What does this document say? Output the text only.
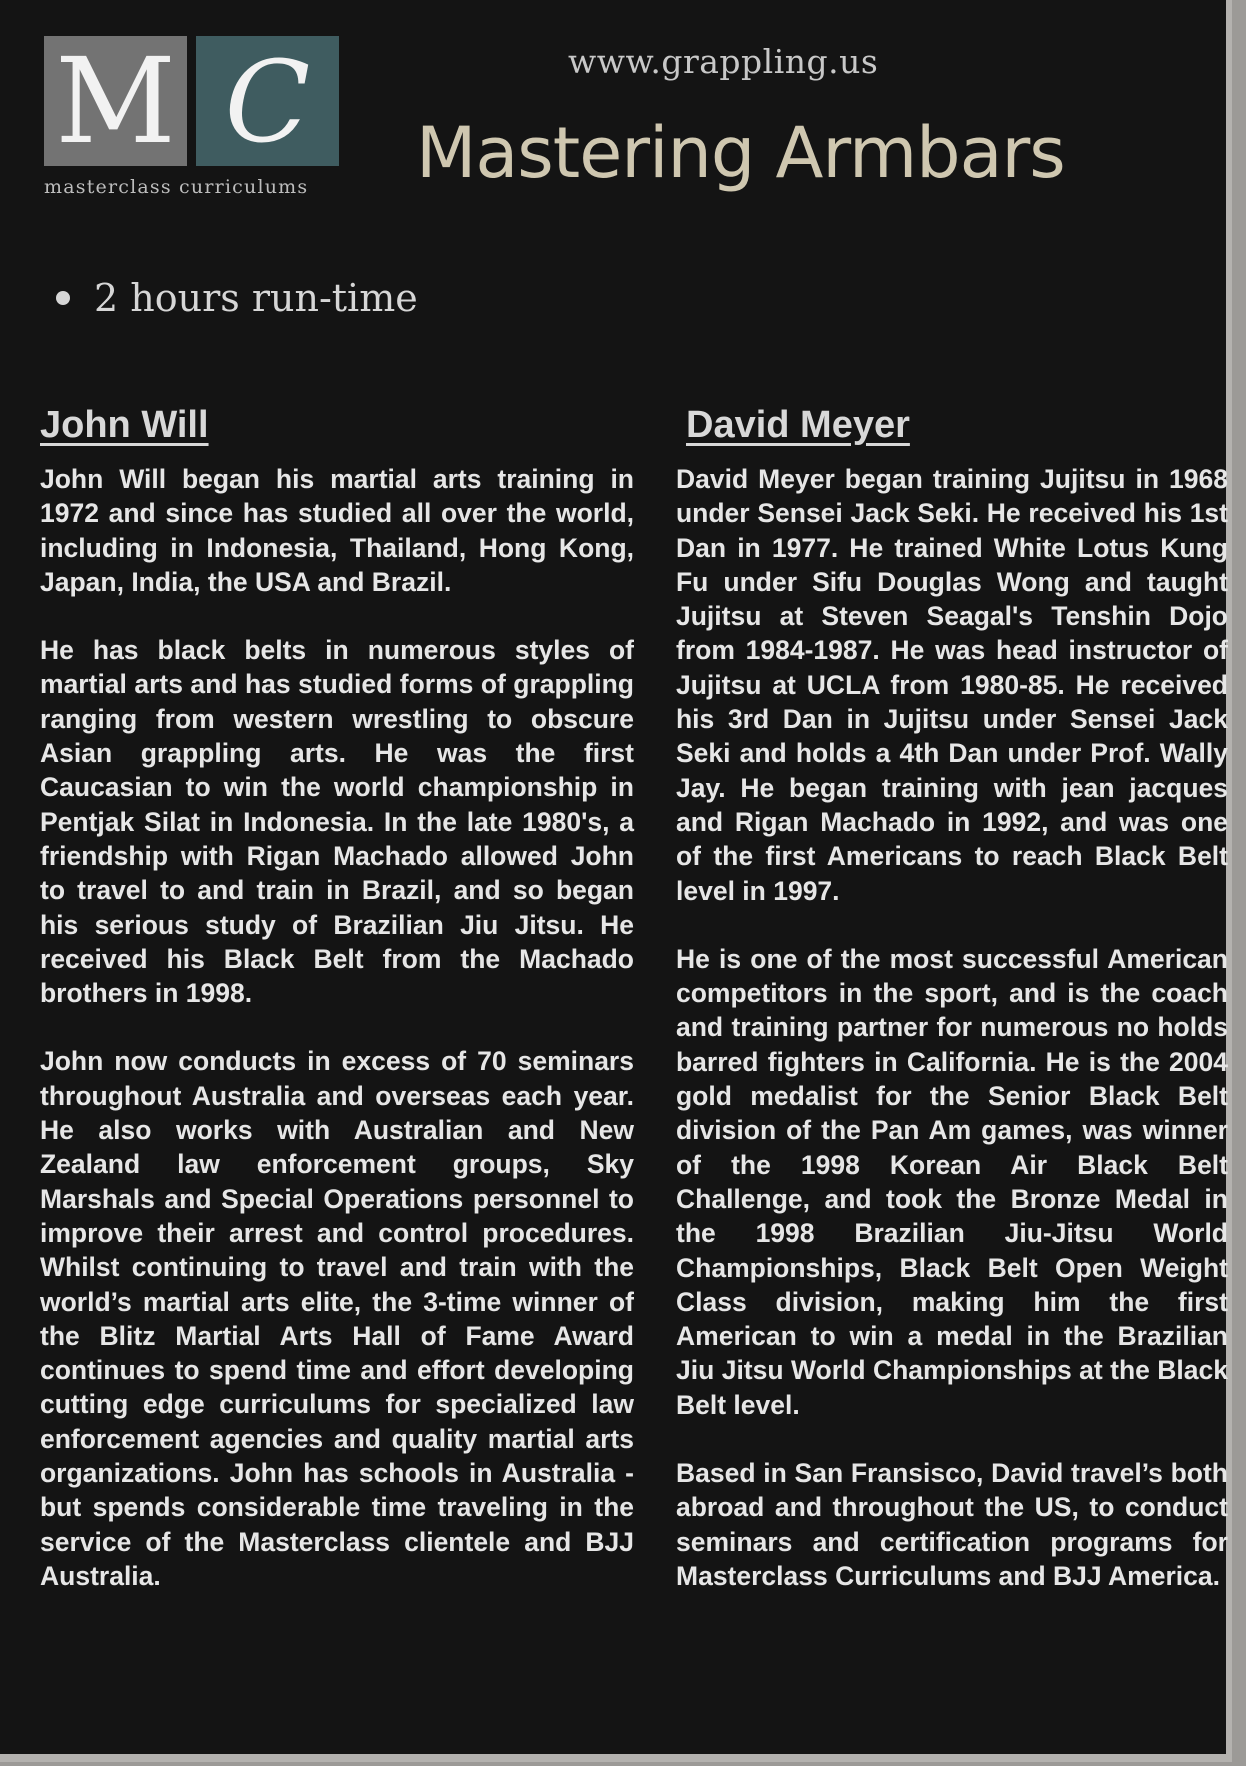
M C
masterclass curriculums
www.grappling.us
Mastering Armbars
2 hours run-time
John Will

John Will began his martial arts training in 1972 and since has studied all over the world, including in Indonesia, Thailand, Hong Kong, Japan, India, the USA and Brazil.

He has black belts in numerous styles of martial arts and has studied forms of grappling ranging from western wrestling to obscure Asian grappling arts. He was the first Caucasian to win the world championship in Pentjak Silat in Indonesia. In the late 1980's, a friendship with Rigan Machado allowed John to travel to and train in Brazil, and so began his serious study of Brazilian Jiu Jitsu. He received his Black Belt from the Machado brothers in 1998.

John now conducts in excess of 70 seminars throughout Australia and overseas each year. He also works with Australian and New Zealand law enforcement groups, Sky Marshals and Special Operations personnel to improve their arrest and control procedures. Whilst continuing to travel and train with the world’s martial arts elite, the 3-time winner of the Blitz Martial Arts Hall of Fame Award continues to spend time and effort developing cutting edge curriculums for specialized law enforcement agencies and quality martial arts organizations. John has schools in Australia - but spends considerable time traveling in the service of the Masterclass clientele and BJJ Australia.

David Meyer

David Meyer began training Jujitsu in 1968 under Sensei Jack Seki. He received his 1st Dan in 1977. He trained White Lotus Kung Fu under Sifu Douglas Wong and taught Jujitsu at Steven Seagal's Tenshin Dojo from 1984-1987. He was head instructor of Jujitsu at UCLA from 1980-85. He received his 3rd Dan in Jujitsu under Sensei Jack Seki and holds a 4th Dan under Prof. Wally Jay. He began training with jean jacques and Rigan Machado in 1992, and was one of the first Americans to reach Black Belt level in 1997.

He is one of the most successful American competitors in the sport, and is the coach and training partner for numerous no holds barred fighters in California. He is the 2004 gold medalist for the Senior Black Belt division of the Pan Am games, was winner of the 1998 Korean Air Black Belt Challenge, and took the Bronze Medal in the 1998 Brazilian Jiu-Jitsu World Championships, Black Belt Open Weight Class division, making him the first American to win a medal in the Brazilian Jiu Jitsu World Championships at the Black Belt level.

Based in San Fransisco, David travel’s both abroad and throughout the US, to conduct seminars and certification programs for Masterclass Curriculums and BJJ America.
